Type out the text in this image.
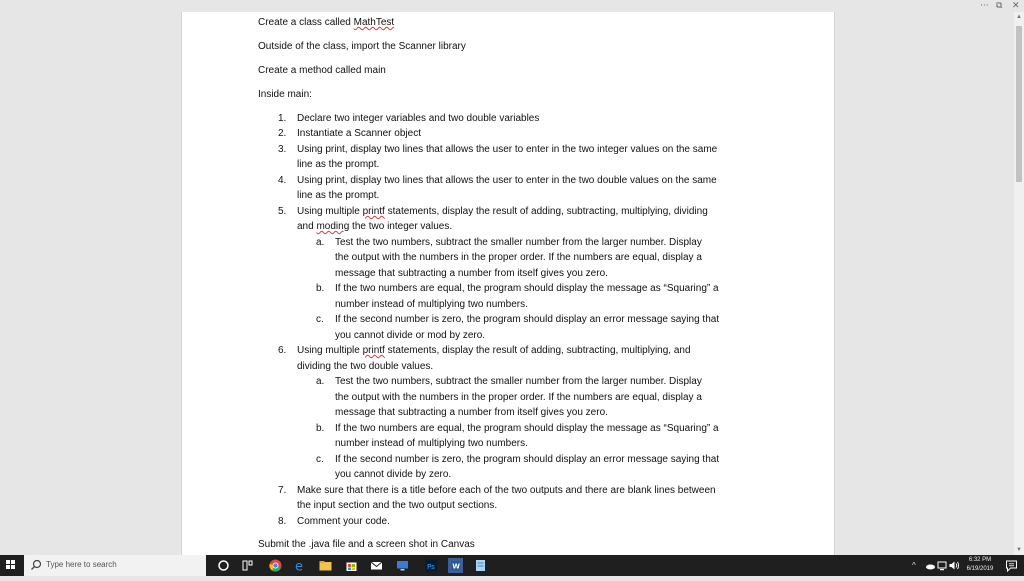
··· ⧉ ✕
Create a class called MathTest
Outside of the class, import the Scanner library
Create a method called main
Inside main:
1. Declare two integer variables and two double variables
2. Instantiate a Scanner object
3. Using print, display two lines that allows the user to enter in the two integer values on the same
line as the prompt.
4. Using print, display two lines that allows the user to enter in the two double values on the same
line as the prompt.
5. Using multiple printf statements, display the result of adding, subtracting, multiplying, dividing
and moding the two integer values.
a. Test the two numbers, subtract the smaller number from the larger number. Display
the output with the numbers in the proper order. If the numbers are equal, display a
message that subtracting a number from itself gives you zero.
b. If the two numbers are equal, the program should display the message as “Squaring” a
number instead of multiplying two numbers.
c. If the second number is zero, the program should display an error message saying that
you cannot divide or mod by zero.
6. Using multiple printf statements, display the result of adding, subtracting, multiplying, and
dividing the two double values.
a. Test the two numbers, subtract the smaller number from the larger number. Display
the output with the numbers in the proper order. If the numbers are equal, display a
message that subtracting a number from itself gives you zero.
b. If the two numbers are equal, the program should display the message as “Squaring” a
number instead of multiplying two numbers.
c. If the second number is zero, the program should display an error message saying that
you cannot divide by zero.
7. Make sure that there is a title before each of the two outputs and there are blank lines between
the input section and the two output sections.
8. Comment your code.
Submit the .java file and a screen shot in Canvas
▲
▼
Type here to search	e	Ps	W	^
6:32 PM
6/19/2019
